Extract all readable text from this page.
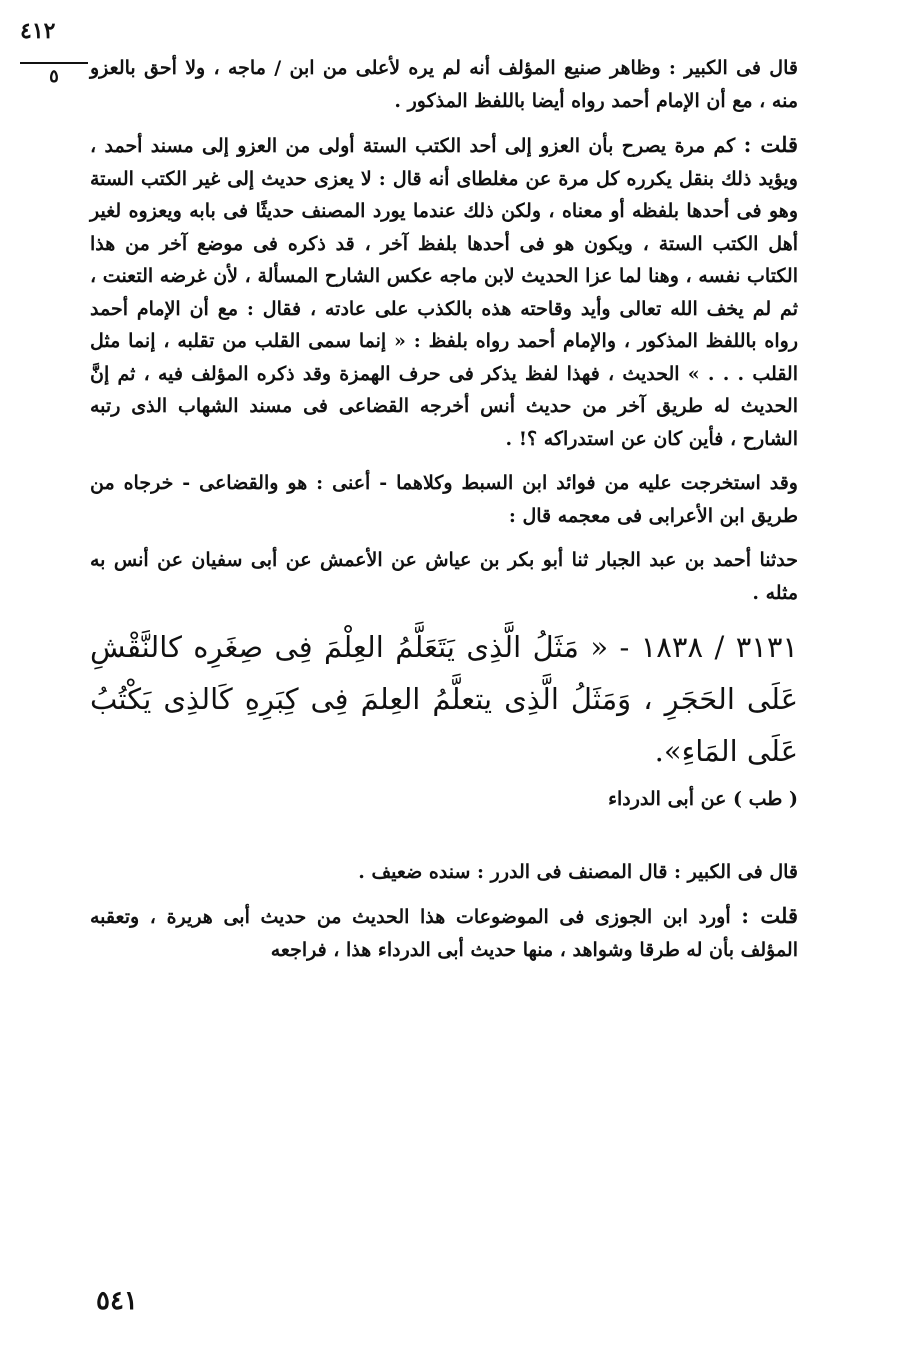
٤١٢
٥	قال فى الكبير : وظاهر صنيع المؤلف أنه لم يره لأعلى من ابن / ماجه ، ولا أحق بالعزو منه ، مع أن الإمام أحمد رواه أيضا باللفظ المذكور .

قلت : كم مرة يصرح بأن العزو إلى أحد الكتب الستة أولى من العزو إلى مسند أحمد ، ويؤيد ذلك بنقل يكرره كل مرة عن مغلطاى أنه قال : لا يعزى حديث إلى غير الكتب الستة وهو فى أحدها بلفظه أو معناه ، ولكن ذلك عندما يورد المصنف حديثًا فى بابه ويعزوه لغير أهل الكتب الستة ، ويكون هو فى أحدها بلفظ آخر ، قد ذكره فى موضع آخر من هذا الكتاب نفسه ، وهنا لما عزا الحديث لابن ماجه عكس الشارح المسألة ، لأن غرضه التعنت ، ثم لم يخف الله تعالى وأيد وقاحته هذه بالكذب على عادته ، فقال : مع أن الإمام أحمد رواه باللفظ المذكور ، والإمام أحمد رواه بلفظ : « إنما سمى القلب من تقلبه ، إنما مثل القلب . . . » الحديث ، فهذا لفظ يذكر فى حرف الهمزة وقد ذكره المؤلف فيه ، ثم إنَّ الحديث له طريق آخر من حديث أنس أخرجه القضاعى فى مسند الشهاب الذى رتبه الشارح ، فأين كان عن استدراكه ؟! .

وقد استخرجت عليه من فوائد ابن السبط وكلاهما - أعنى : هو والقضاعى - خرجاه من طريق ابن الأعرابى فى معجمه قال :

حدثنا أحمد بن عبد الجبار ثنا أبو بكر بن عياش عن الأعمش عن أبى سفيان عن أنس به مثله .

٣١٣١ / ١٨٣٨ - « مَثَلُ الَّذِى يَتَعَلَّمُ العِلْمَ فِى صِغَرِه كالنَّقْشِ عَلَى الحَجَرِ ، وَمَثَلُ الَّذِى يتعلَّمُ العِلمَ فِى كِبَرِهِ كَالذِى يَكْتُبُ عَلَى المَاءِ».

( طب ) عن أبى الدرداء

قال فى الكبير : قال المصنف فى الدرر : سنده ضعيف .

قلت : أورد ابن الجوزى فى الموضوعات هذا الحديث من حديث أبى هريرة ، وتعقبه المؤلف بأن له طرقا وشواهد ، منها حديث أبى الدرداء هذا ، فراجعه

٥٤١
